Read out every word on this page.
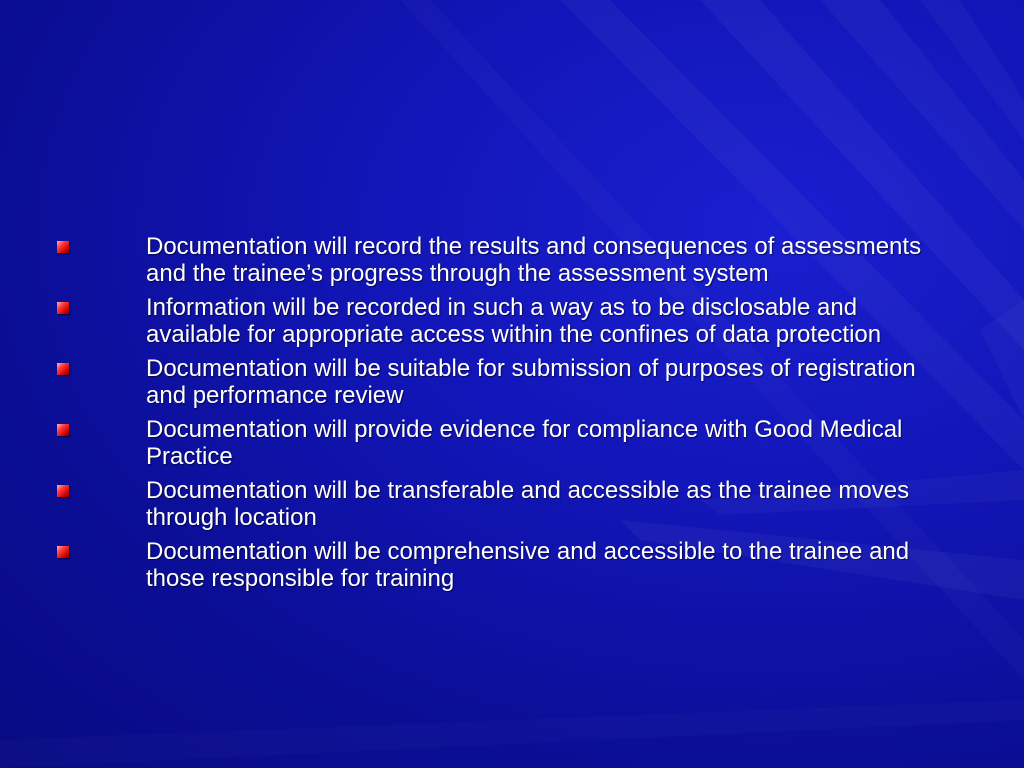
Documentation will record the results and consequences of assessments and the trainee’s progress through the assessment system
Information will be recorded in such a way as to be disclosable and available for appropriate access within the confines of data protection
Documentation will be suitable for submission of purposes of registration and performance review
Documentation will provide evidence for compliance with Good Medical Practice
Documentation will be transferable and accessible as the trainee moves through location
Documentation will be comprehensive and accessible to the trainee and those responsible for training
